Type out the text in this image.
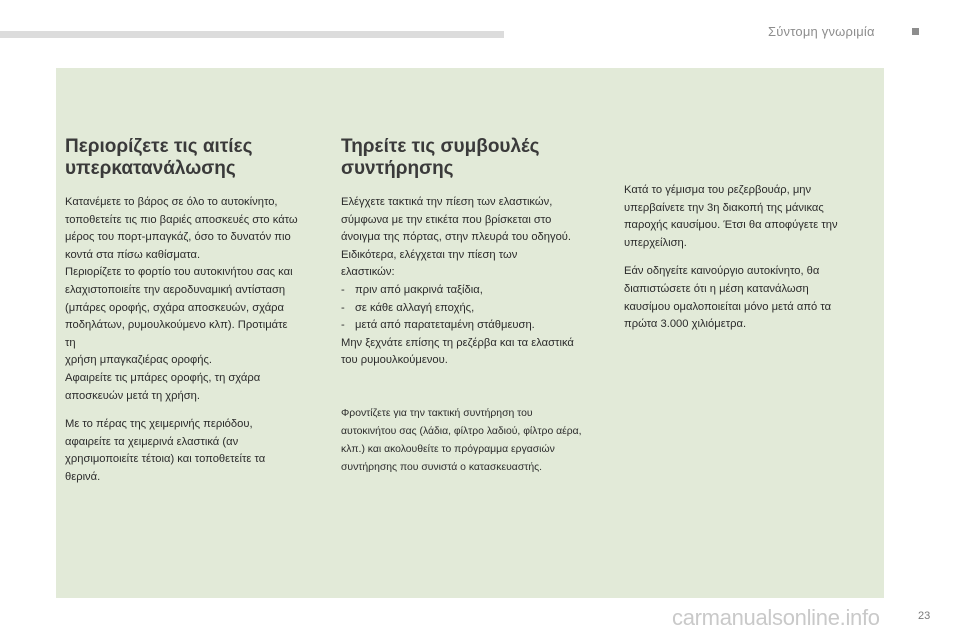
Σύντομη γνωριμία
Περιορίζετε τις αιτίες υπερκατανάλωσης
Κατανέμετε το βάρος σε όλο το αυτοκίνητο,
τοποθετείτε τις πιο βαριές αποσκευές στο κάτω
μέρος του πορτ-μπαγκάζ, όσο το δυνατόν πιο
κοντά στα πίσω καθίσματα.
Περιορίζετε το φορτίο του αυτοκινήτου σας και
ελαχιστοποιείτε την αεροδυναμική αντίσταση
(μπάρες οροφής, σχάρα αποσκευών, σχάρα
ποδηλάτων, ρυμουλκούμενο κλπ). Προτιμάτε τη
χρήση μπαγκαζιέρας οροφής.
Αφαιρείτε τις μπάρες οροφής, τη σχάρα
αποσκευών μετά τη χρήση.
Με το πέρας της χειμερινής περιόδου,
αφαιρείτε τα χειμερινά ελαστικά (αν
χρησιμοποιείτε τέτοια) και τοποθετείτε τα
θερινά.
Τηρείτε τις συμβουλές συντήρησης
Ελέγχετε τακτικά την πίεση των ελαστικών,
σύμφωνα με την ετικέτα που βρίσκεται στο
άνοιγμα της πόρτας, στην πλευρά του οδηγού.
Ειδικότερα, ελέγχεται την πίεση των
ελαστικών:
- πριν από μακρινά ταξίδια,
- σε κάθε αλλαγή εποχής,
- μετά από παρατεταμένη στάθμευση.
Μην ξεχνάτε επίσης τη ρεζέρβα και τα ελαστικά
του ρυμουλκούμενου.
Φροντίζετε για την τακτική συντήρηση του
αυτοκινήτου σας (λάδια, φίλτρο λαδιού, φίλτρο αέρα,
κλπ.) και ακολουθείτε το πρόγραμμα εργασιών
συντήρησης που συνιστά ο κατασκευαστής.
Κατά το γέμισμα του ρεζερβουάρ, μην
υπερβαίνετε την 3η διακοπή της μάνικας
παροχής καυσίμου. Έτσι θα αποφύγετε την
υπερχείλιση.
Εάν οδηγείτε καινούργιο αυτοκίνητο, θα
διαπιστώσετε ότι η μέση κατανάλωση
καυσίμου ομαλοποιείται μόνο μετά από τα
πρώτα 3.000 χιλιόμετρα.
carmanualsonline.info	23
